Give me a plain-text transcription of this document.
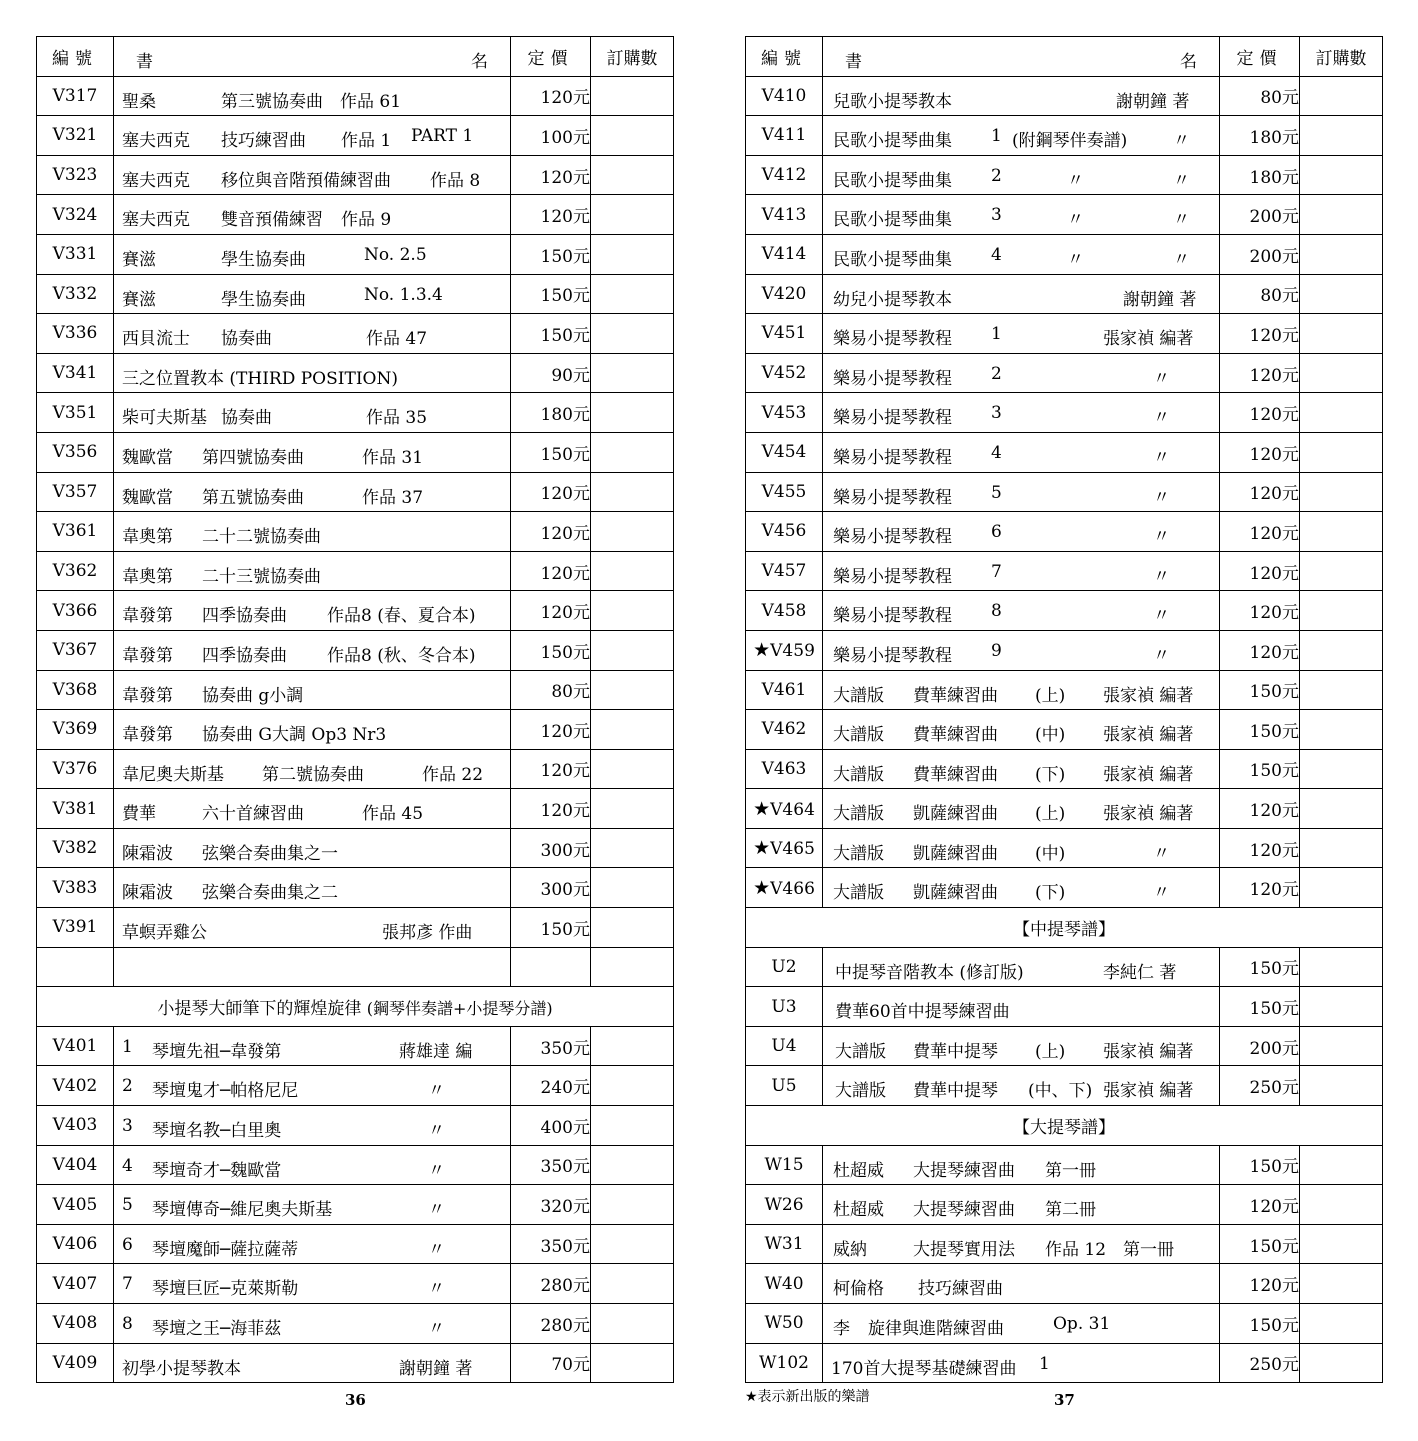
編號	書 名	定價	訂購數
V317	聖桑 第三號協奏曲 作品 61	120元	
V321	塞夫西克 技巧練習曲 作品 1 PART 1	100元	
V323	塞夫西克 移位與音階預備練習曲 作品 8	120元	
V324	塞夫西克 雙音預備練習 作品 9	120元	
V331	賽滋 學生協奏曲 No. 2.5	150元	
V332	賽滋 學生協奏曲 No. 1.3.4	150元	
V336	西貝流士 協奏曲 作品 47	150元	
V341	三之位置教本 (THIRD POSITION)	90元	
V351	柴可夫斯基 協奏曲 作品 35	180元	
V356	魏歐當 第四號協奏曲 作品 31	150元	
V357	魏歐當 第五號協奏曲 作品 37	120元	
V361	韋奧第 二十二號協奏曲	120元	
V362	韋奧第 二十三號協奏曲	120元	
V366	韋發第 四季協奏曲 作品8 (春、夏合本)	120元	
V367	韋發第 四季協奏曲 作品8 (秋、冬合本)	150元	
V368	韋發第 協奏曲 g小調	80元	
V369	韋發第 協奏曲 G大調 Op3 Nr3	120元	
V376	韋尼奧夫斯基 第二號協奏曲 作品 22	120元	
V381	費華 六十首練習曲 作品 45	120元	
V382	陳霜波 弦樂合奏曲集之一	300元	
V383	陳霜波 弦樂合奏曲集之二	300元	
V391	草螟弄雞公 張邦彥 作曲	150元	

小提琴大師筆下的輝煌旋律 (鋼琴伴奏譜+小提琴分譜)			
V401	1 琴壇先祖─韋發第 蔣雄達 編	350元	
V402	2 琴壇鬼才─帕格尼尼 〃	240元	
V403	3 琴壇名教─白里奧 〃	400元	
V404	4 琴壇奇才─魏歐當 〃	350元	
V405	5 琴壇傳奇─維尼奧夫斯基 〃	320元	
V406	6 琴壇魔師─薩拉薩蒂 〃	350元	
V407	7 琴壇巨匠─克萊斯勒 〃	280元	
V408	8 琴壇之王─海菲茲 〃	280元	
V409	初學小提琴教本 謝朝鐘 著	70元	
編號	書 名	定價	訂購數
V410	兒歌小提琴教本 謝朝鐘 著	80元	
V411	民歌小提琴曲集 1 (附鋼琴伴奏譜) 〃	180元	
V412	民歌小提琴曲集 2 〃 〃	180元	
V413	民歌小提琴曲集 3 〃 〃	200元	
V414	民歌小提琴曲集 4 〃 〃	200元	
V420	幼兒小提琴教本 謝朝鐘 著	80元	
V451	樂易小提琴教程 1 張家禎 編著	120元	
V452	樂易小提琴教程 2 〃	120元	
V453	樂易小提琴教程 3 〃	120元	
V454	樂易小提琴教程 4 〃	120元	
V455	樂易小提琴教程 5 〃	120元	
V456	樂易小提琴教程 6 〃	120元	
V457	樂易小提琴教程 7 〃	120元	
V458	樂易小提琴教程 8 〃	120元	
★V459	樂易小提琴教程 9 〃	120元	
V461	大譜版 費華練習曲 (上) 張家禎 編著	150元	
V462	大譜版 費華練習曲 (中) 張家禎 編著	150元	
V463	大譜版 費華練習曲 (下) 張家禎 編著	150元	
★V464	大譜版 凱薩練習曲 (上) 張家禎 編著	120元	
★V465	大譜版 凱薩練習曲 (中) 〃	120元	
★V466	大譜版 凱薩練習曲 (下) 〃	120元	
【中提琴譜】			
U2	中提琴音階教本 (修訂版) 李純仁 著	150元	
U3	費華60首中提琴練習曲	150元	
U4	大譜版 費華中提琴 (上) 張家禎 編著	200元	
U5	大譜版 費華中提琴 (中、下) 張家禎 編著	250元	
【大提琴譜】			
W15	杜超威 大提琴練習曲 第一冊	150元	
W26	杜超威 大提琴練習曲 第二冊	120元	
W31	威納 大提琴實用法 作品 12 第一冊	150元	
W40	柯倫格 技巧練習曲	120元	
W50	李 旋律與進階練習曲 Op. 31	150元	
W102	170首大提琴基礎練習曲 1	250元	
36	37
★表示新出版的樂譜
